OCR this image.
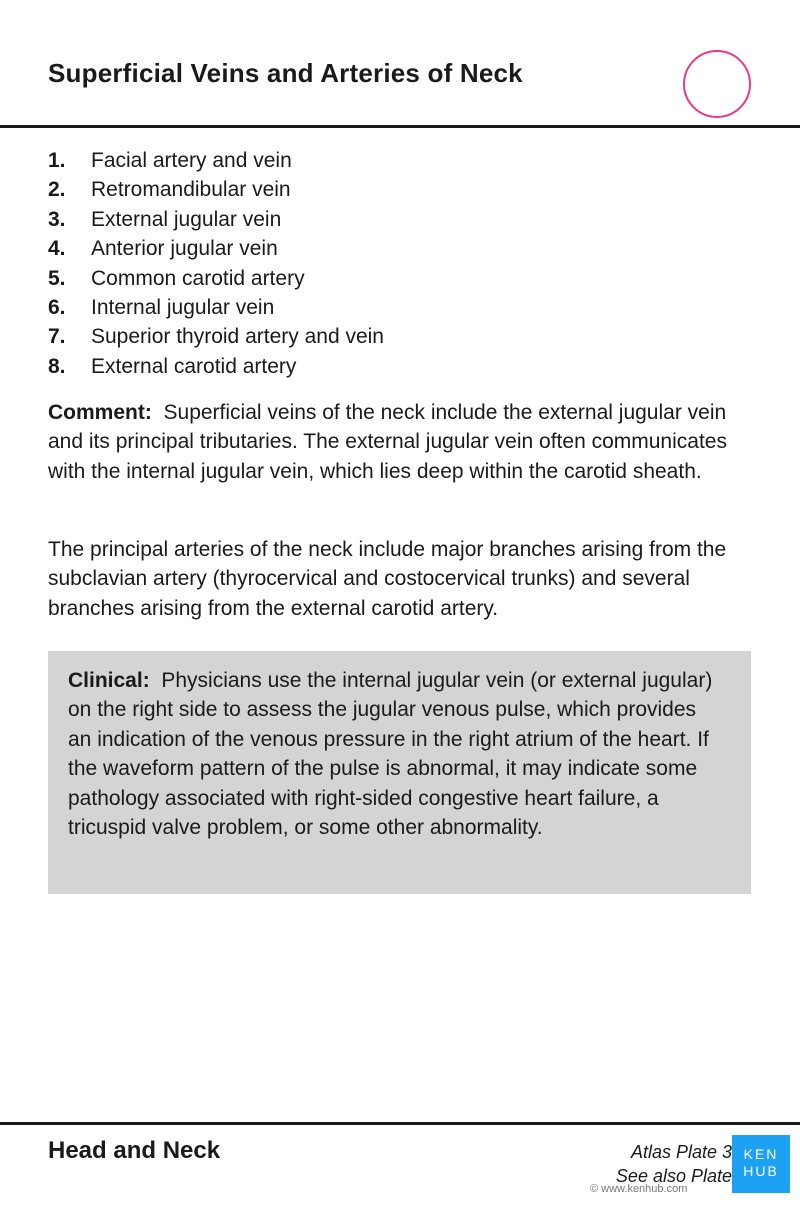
Superficial Veins and Arteries of Neck
1. Facial artery and vein
2. Retromandibular vein
3. External jugular vein
4. Anterior jugular vein
5. Common carotid artery
6. Internal jugular vein
7. Superior thyroid artery and vein
8. External carotid artery

Comment: Superficial veins of the neck include the external jugular vein and its principal tributaries. The external jugular vein often communicates with the internal jugular vein, which lies deep within the carotid sheath.

The principal arteries of the neck include major branches arising from the subclavian artery (thyrocervical and costocervical trunks) and several branches arising from the external carotid artery.

Clinical: Physicians use the internal jugular vein (or external jugular) on the right side to assess the jugular venous pulse, which provides an indication of the venous pressure in the right atrium of the heart. If the waveform pattern of the pulse is abnormal, it may indicate some pathology associated with right-sided congestive heart failure, a tricuspid valve problem, or some other abnormality.

Head and Neck	Atlas Plate 3
See also Plate
© www.kenhub.com
KEN
HUB
